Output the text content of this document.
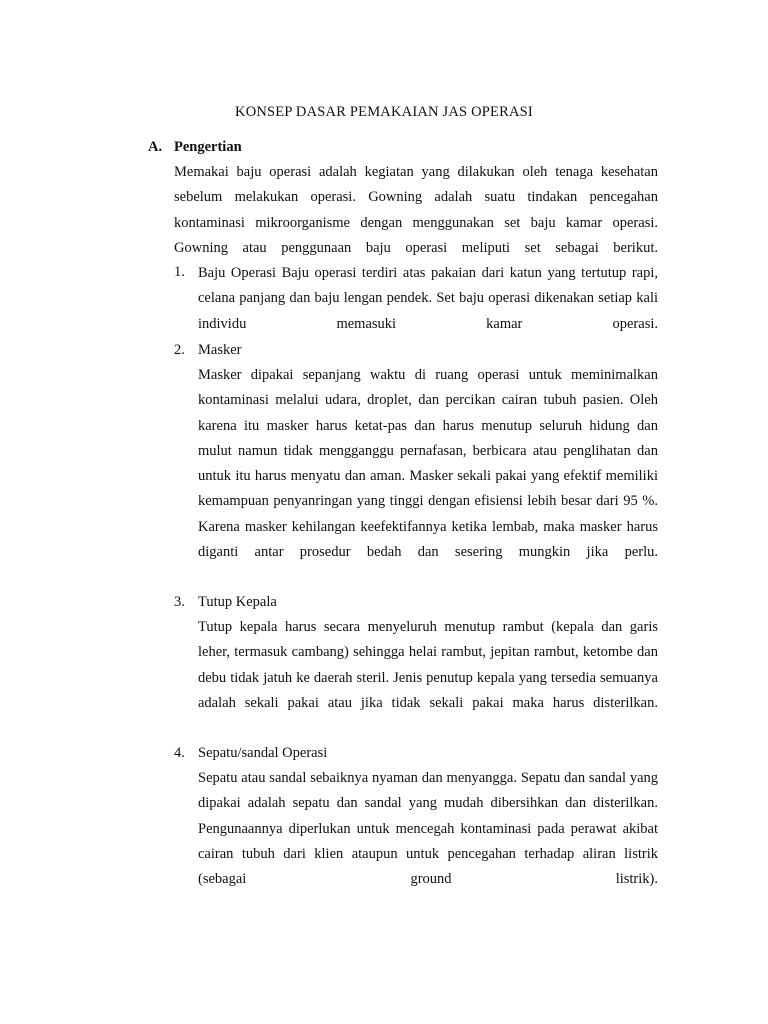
KONSEP DASAR PEMAKAIAN JAS OPERASI
A. Pengertian
Memakai baju operasi adalah kegiatan yang dilakukan oleh tenaga kesehatan sebelum melakukan operasi. Gowning adalah suatu tindakan pencegahan kontaminasi mikroorganisme dengan menggunakan set baju kamar operasi. Gowning atau penggunaan baju operasi meliputi set sebagai berikut.
1. Baju Operasi Baju operasi terdiri atas pakaian dari katun yang tertutup rapi, celana panjang dan baju lengan pendek. Set baju operasi dikenakan setiap kali individu memasuki kamar operasi.
2. Masker
Masker dipakai sepanjang waktu di ruang operasi untuk meminimalkan kontaminasi melalui udara, droplet, dan percikan cairan tubuh pasien. Oleh karena itu masker harus ketat-pas dan harus menutup seluruh hidung dan mulut namun tidak mengganggu pernafasan, berbicara atau penglihatan dan untuk itu harus menyatu dan aman. Masker sekali pakai yang efektif memiliki kemampuan penyanringan yang tinggi dengan efisiensi lebih besar dari 95 %. Karena masker kehilangan keefektifannya ketika lembab, maka masker harus diganti antar prosedur bedah dan sesering mungkin jika perlu.
3. Tutup Kepala
Tutup kepala harus secara menyeluruh menutup rambut (kepala dan garis leher, termasuk cambang) sehingga helai rambut, jepitan rambut, ketombe dan debu tidak jatuh ke daerah steril. Jenis penutup kepala yang tersedia semuanya adalah sekali pakai atau jika tidak sekali pakai maka harus disterilkan.
4. Sepatu/sandal Operasi
Sepatu atau sandal sebaiknya nyaman dan menyangga. Sepatu dan sandal yang dipakai adalah sepatu dan sandal yang mudah dibersihkan dan disterilkan. Pengunaannya diperlukan untuk mencegah kontaminasi pada perawat akibat cairan tubuh dari klien ataupun untuk pencegahan terhadap aliran listrik (sebagai ground listrik).
